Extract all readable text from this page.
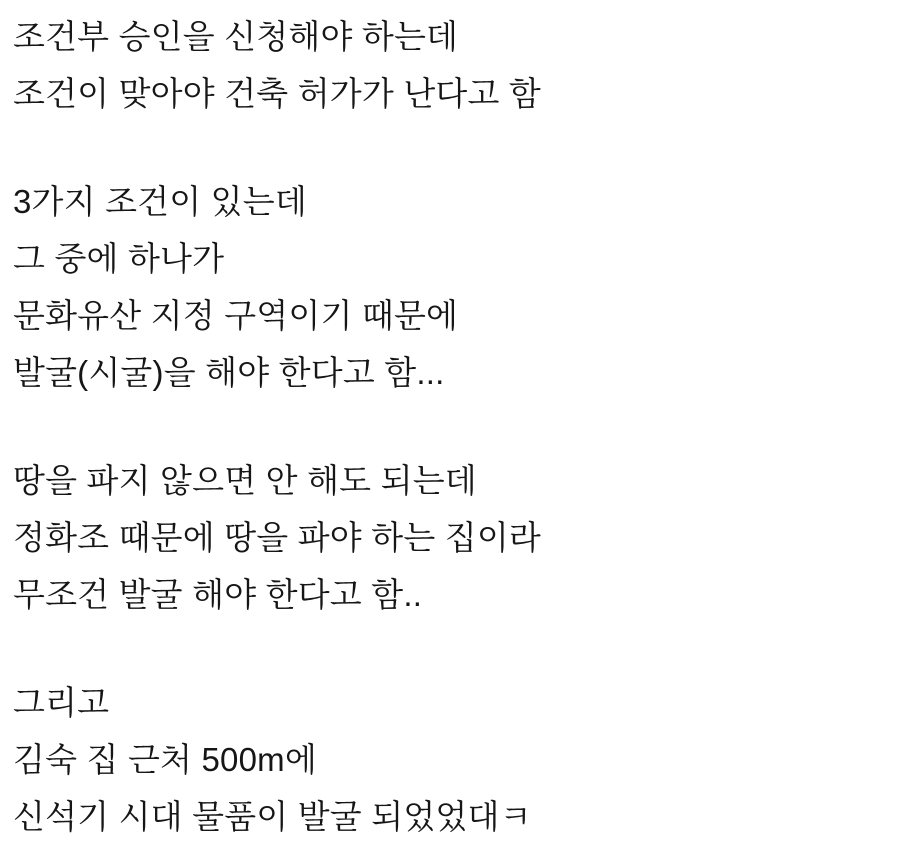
조건부 승인을 신청해야 하는데
조건이 맞아야 건축 허가가 난다고 함

3가지 조건이 있는데
그 중에 하나가
문화유산 지정 구역이기 때문에
발굴(시굴)을 해야 한다고 함...

땅을 파지 않으면 안 해도 되는데
정화조 때문에 땅을 파야 하는 집이라
무조건 발굴 해야 한다고 함..

그리고
김숙 집 근처 500m에
신석기 시대 물품이 발굴 되었었대ㅋ
